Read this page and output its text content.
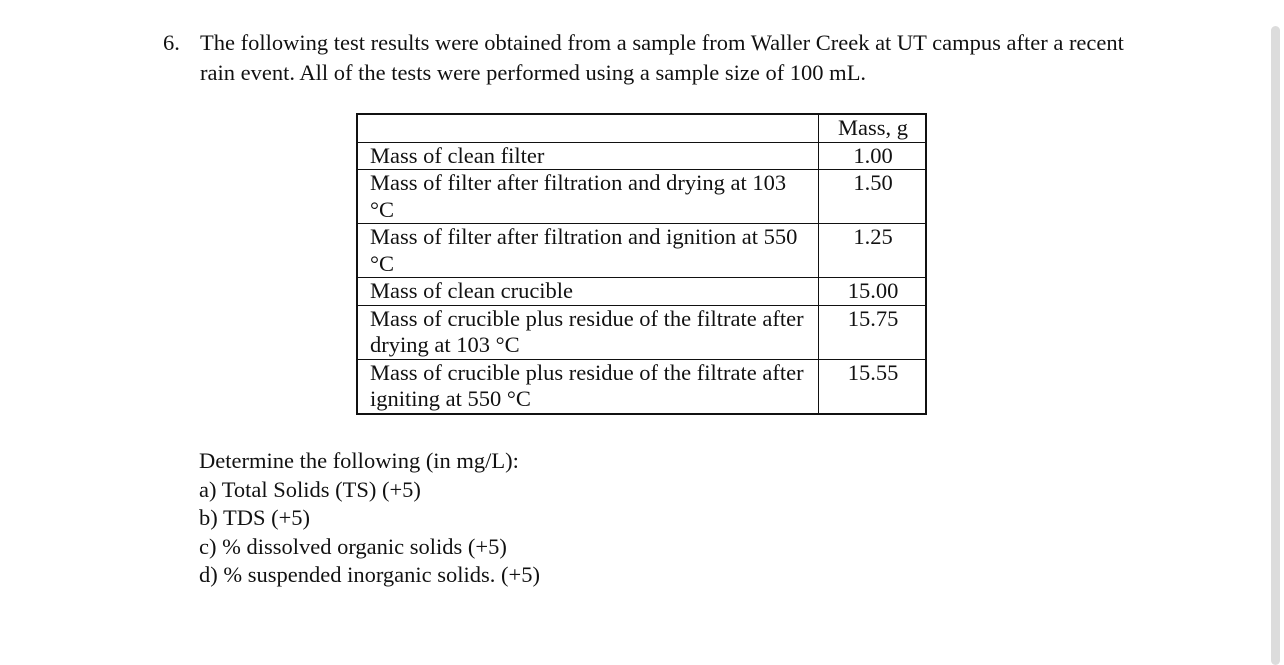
6. The following test results were obtained from a sample from Waller Creek at UT campus after a recent rain event. All of the tests were performed using a sample size of 100 mL.
	Mass, g
Mass of clean filter	1.00
Mass of filter after filtration and drying at 103 °C	1.50
Mass of filter after filtration and ignition at 550 °C	1.25
Mass of clean crucible	15.00
Mass of crucible plus residue of the filtrate after drying at 103 °C	15.75
Mass of crucible plus residue of the filtrate after igniting at 550 °C	15.55
Determine the following (in mg/L):
a) Total Solids (TS) (+5)
b) TDS (+5)
c) % dissolved organic solids (+5)
d) % suspended inorganic solids. (+5)
